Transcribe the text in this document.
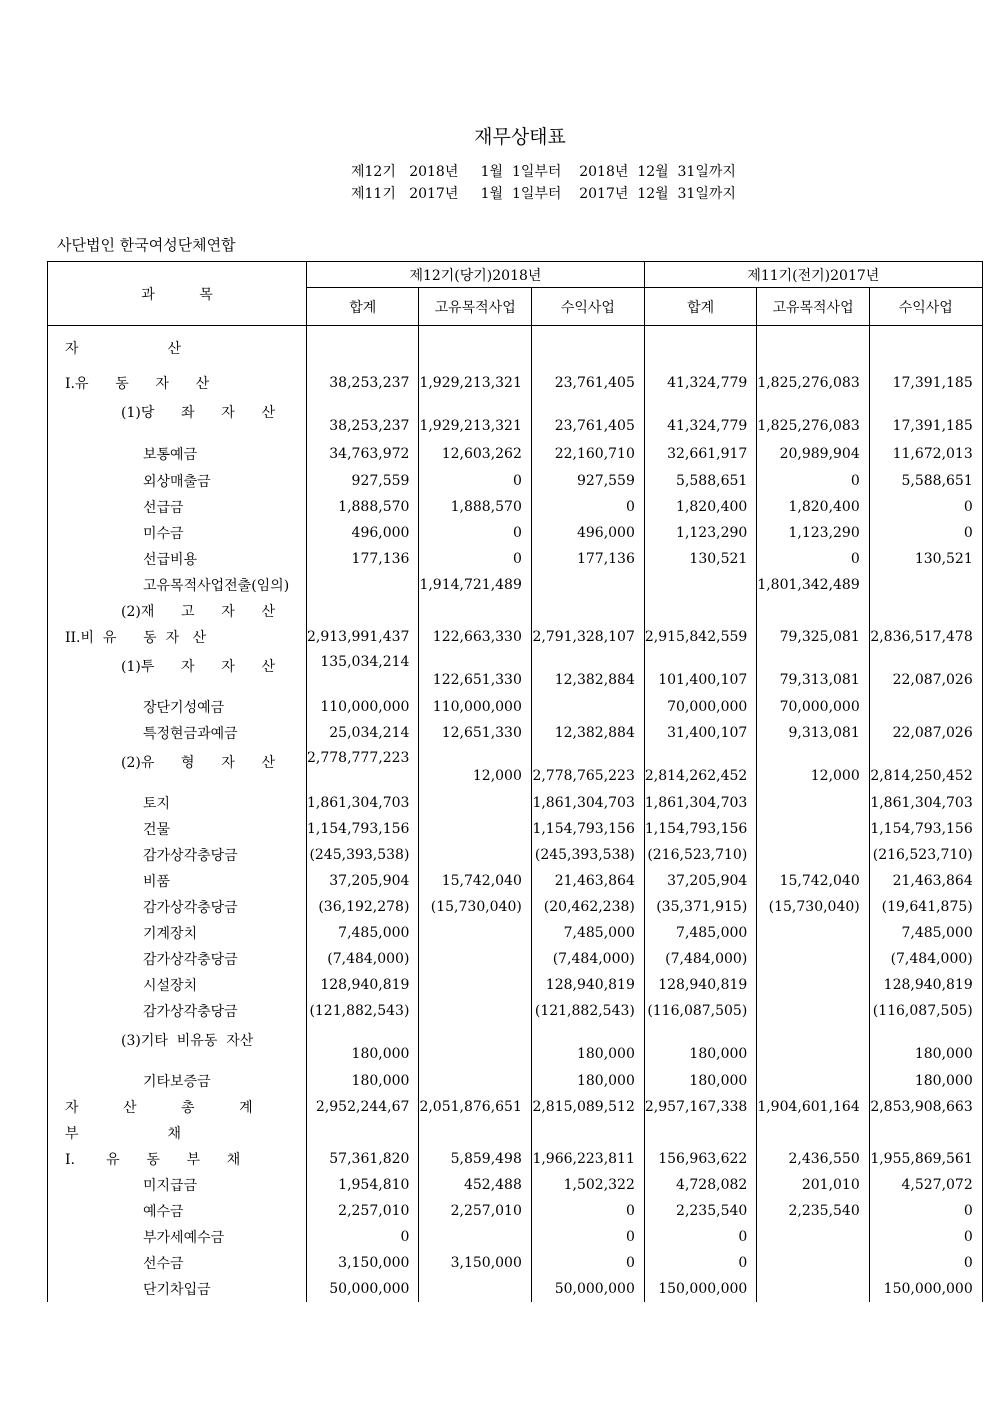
재무상태표
제12기   2018년     1월  1일부터    2018년  12월  31일까지
제11기   2017년     1월  1일부터    2017년  12월  31일까지
사단법인 한국여성단체연합
과          목	제12기(당기)2018년			제11기(전기)2017년		
	합계	고유목적사업	수익사업	합계	고유목적사업	수익사업
자                    산						
I.유      동      자      산	38,253,237	1,929,213,321	23,761,405	41,324,779	1,825,276,083	17,391,185
(1)당      좌      자      산	38,253,237	1,929,213,321	23,761,405	41,324,779	1,825,276,083	17,391,185
보통예금	34,763,972	12,603,262	22,160,710	32,661,917	20,989,904	11,672,013
외상매출금	927,559	0	927,559	5,588,651	0	5,588,651
선급금	1,888,570	1,888,570	0	1,820,400	1,820,400	0
미수금	496,000	0	496,000	1,123,290	1,123,290	0
선급비용	177,136	0	177,136	130,521	0	130,521
고유목적사업전출(임의)		1,914,721,489			1,801,342,489	
(2)재      고      자      산						
II.비  유      동  자   산	2,913,991,437	122,663,330	2,791,328,107	2,915,842,559	79,325,081	2,836,517,478
(1)투      자      자      산	135,034,214	122,651,330	12,382,884	101,400,107	79,313,081	22,087,026
장단기성예금	110,000,000	110,000,000		70,000,000	70,000,000	
특정현금과예금	25,034,214	12,651,330	12,382,884	31,400,107	9,313,081	22,087,026
(2)유      형      자      산	2,778,777,223	12,000	2,778,765,223	2,814,262,452	12,000	2,814,250,452
토지	1,861,304,703		1,861,304,703	1,861,304,703		1,861,304,703
건물	1,154,793,156		1,154,793,156	1,154,793,156		1,154,793,156
감가상각충당금	(245,393,538)		(245,393,538)	(216,523,710)		(216,523,710)
비품	37,205,904	15,742,040	21,463,864	37,205,904	15,742,040	21,463,864
감가상각충당금	(36,192,278)	(15,730,040)	(20,462,238)	(35,371,915)	(15,730,040)	(19,641,875)
기계장치	7,485,000		7,485,000	7,485,000		7,485,000
감가상각충당금	(7,484,000)		(7,484,000)	(7,484,000)		(7,484,000)
시설장치	128,940,819		128,940,819	128,940,819		128,940,819
감가상각충당금	(121,882,543)		(121,882,543)	(116,087,505)		(116,087,505)
(3)기타  비유동  자산	180,000		180,000	180,000		180,000
기타보증금	180,000		180,000	180,000		180,000
자          산          총          계	2,952,244,67	2,051,876,651	2,815,089,512	2,957,167,338	1,904,601,164	2,853,908,663
부                    채						
I.       유      동      부      채	57,361,820	5,859,498	1,966,223,811	156,963,622	2,436,550	1,955,869,561
미지급금	1,954,810	452,488	1,502,322	4,728,082	201,010	4,527,072
예수금	2,257,010	2,257,010	0	2,235,540	2,235,540	0
부가세예수금	0		0	0		0
선수금	3,150,000	3,150,000	0	0		0
단기차입금	50,000,000		50,000,000	150,000,000		150,000,000
